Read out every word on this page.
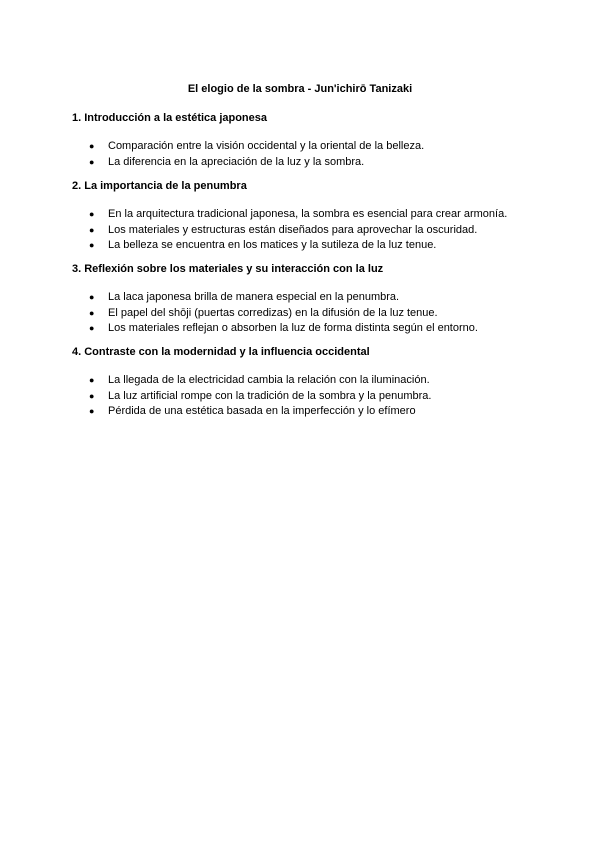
El elogio de la sombra - Jun'ichirō Tanizaki
1. Introducción a la estética japonesa
● Comparación entre la visión occidental y la oriental de la belleza.
● La diferencia en la apreciación de la luz y la sombra.
2. La importancia de la penumbra
● En la arquitectura tradicional japonesa, la sombra es esencial para crear armonía.
● Los materiales y estructuras están diseñados para aprovechar la oscuridad.
● La belleza se encuentra en los matices y la sutileza de la luz tenue.
3. Reflexión sobre los materiales y su interacción con la luz
● La laca japonesa brilla de manera especial en la penumbra.
● El papel del shōji (puertas corredizas) en la difusión de la luz tenue.
● Los materiales reflejan o absorben la luz de forma distinta según el entorno.
4. Contraste con la modernidad y la influencia occidental
● La llegada de la electricidad cambia la relación con la iluminación.
● La luz artificial rompe con la tradición de la sombra y la penumbra.
● Pérdida de una estética basada en la imperfección y lo efímero
